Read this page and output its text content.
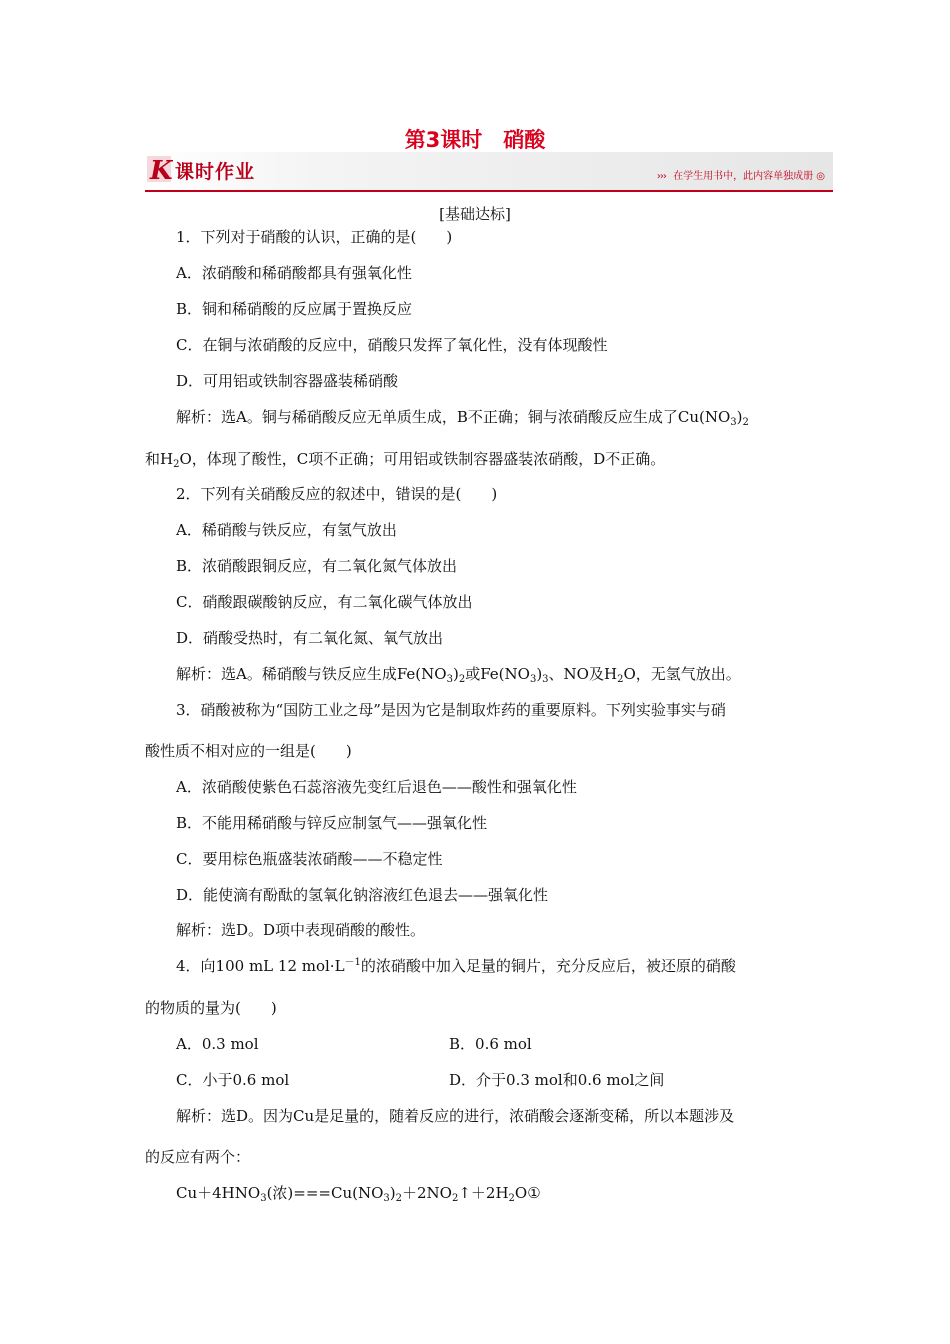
第3课时　硝酸
K 课时作业	››› 在学生用书中，此内容单独成册 ◎
[基础达标]
1．下列对于硝酸的认识，正确的是(　　)
A．浓硝酸和稀硝酸都具有强氧化性
B．铜和稀硝酸的反应属于置换反应
C．在铜与浓硝酸的反应中，硝酸只发挥了氧化性，没有体现酸性
D．可用铝或铁制容器盛装稀硝酸
解析：选A。铜与稀硝酸反应无单质生成，B不正确；铜与浓硝酸反应生成了$Cu(NO_3)_2$
和$H_2O$，体现了酸性，C项不正确；可用铝或铁制容器盛装浓硝酸，D不正确。
2．下列有关硝酸反应的叙述中，错误的是(　　)
A．稀硝酸与铁反应，有氢气放出
B．浓硝酸跟铜反应，有二氧化氮气体放出
C．硝酸跟碳酸钠反应，有二氧化碳气体放出
D．硝酸受热时，有二氧化氮、氧气放出
解析：选A。稀硝酸与铁反应生成$Fe(NO_3)_2$或$Fe(NO_3)_3$、NO及$H_2O$，无氢气放出。
3．硝酸被称为“国防工业之母”是因为它是制取炸药的重要原料。下列实验事实与硝
酸性质不相对应的一组是(　　)
A．浓硝酸使紫色石蕊溶液先变红后退色——酸性和强氧化性
B．不能用稀硝酸与锌反应制氢气——强氧化性
C．要用棕色瓶盛装浓硝酸——不稳定性
D．能使滴有酚酞的氢氧化钠溶液红色退去——强氧化性
解析：选D。D项中表现硝酸的酸性。
4．向100 mL 12 $mol\cdot L^{-1}$的浓硝酸中加入足量的铜片，充分反应后，被还原的硝酸
的物质的量为(　　)
A．0.3 mol	B．0.6 mol
C．小于0.6 mol	D．介于0.3 mol和0.6 mol之间
解析：选D。因为Cu是足量的，随着反应的进行，浓硝酸会逐渐变稀，所以本题涉及
的反应有两个：
$Cu+4HNO_3$(浓)$===Cu(NO_3)_2+2NO_2↑+2H_2O①$
